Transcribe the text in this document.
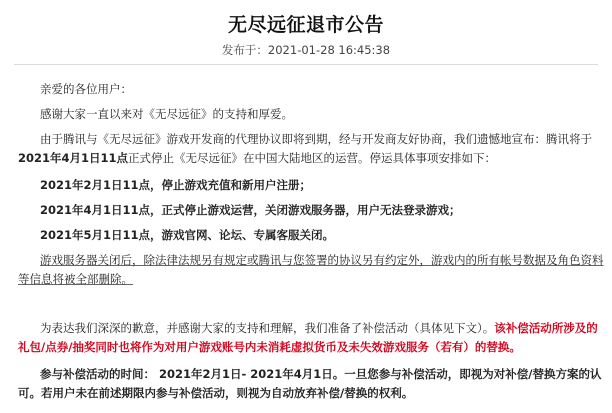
无尽远征退市公告
发布于：2021-01-28 16:45:38
亲爱的各位用户：
感谢大家一直以来对《无尽远征》的支持和厚爱。
由于腾讯与《无尽远征》游戏开发商的代理协议即将到期，经与开发商友好协商，我们遗憾地宣布：腾讯将于
2021年4月1日11点正式停止《无尽远征》在中国大陆地区的运营。停运具体事项安排如下：
2021年2月1日11点，停止游戏充值和新用户注册；
2021年4月1日11点，正式停止游戏运营，关闭游戏服务器，用户无法登录游戏；
2021年5月1日11点，游戏官网、论坛、专属客服关闭。
游戏服务器关闭后，除法律法规另有规定或腾讯与您签署的协议另有约定外，游戏内的所有帐号数据及角色资料
等信息将被全部删除。
为表达我们深深的歉意，并感谢大家的支持和理解，我们准备了补偿活动（具体见下文）。该补偿活动所涉及的
礼包/点券/抽奖同时也将作为对用户游戏账号内未消耗虚拟货币及未失效游戏服务（若有）的替换。
参与补偿活动的时间： 2021年2月1日- 2021年4月1日。一旦您参与补偿活动，即视为对补偿/替换方案的认
可。若用户未在前述期限内参与补偿活动，则视为自动放弃补偿/替换的权利。
